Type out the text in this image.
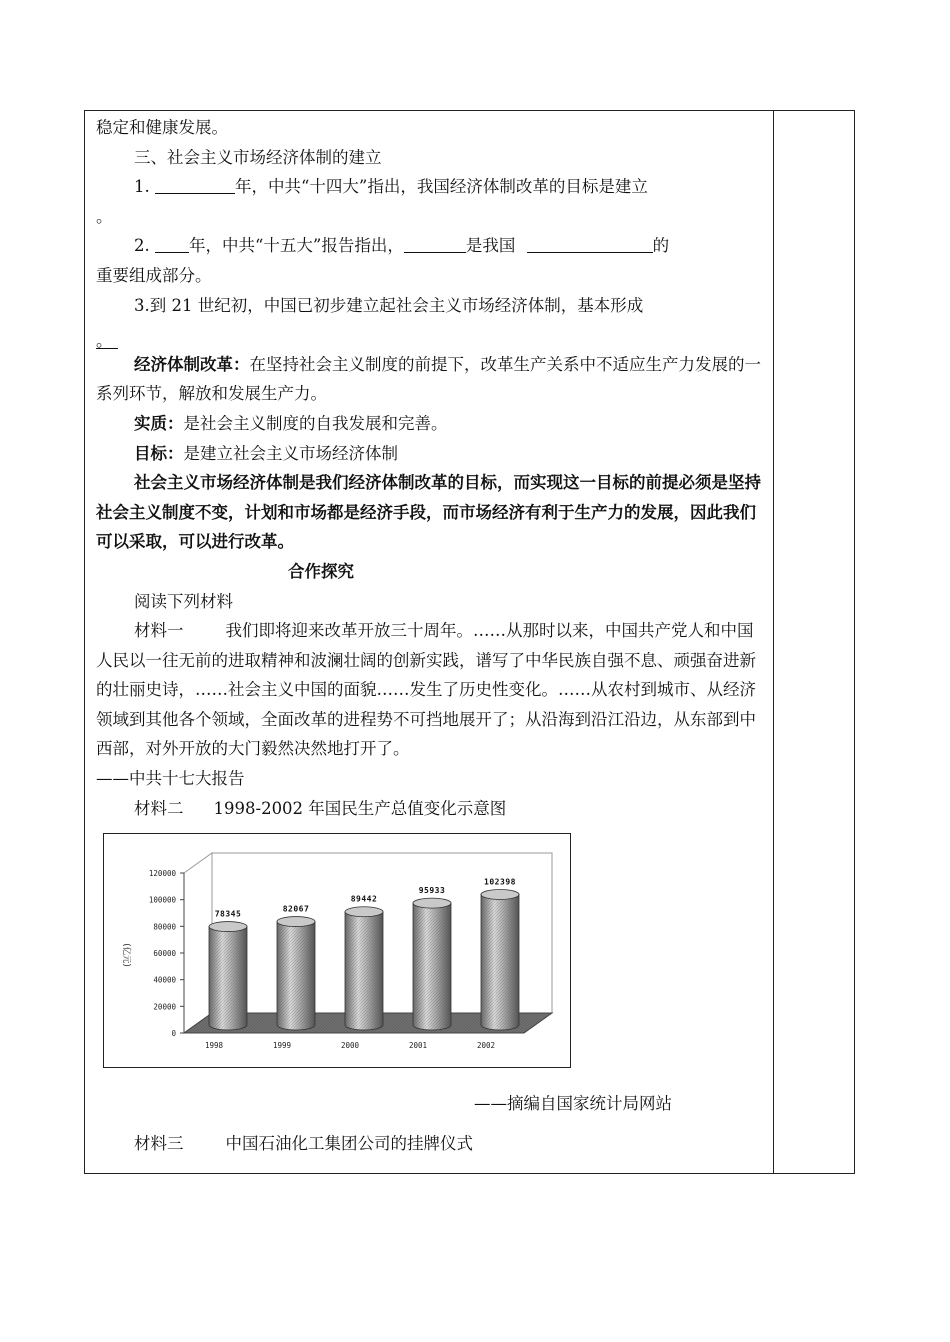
稳定和健康发展。

三、社会主义市场经济体制的建立

1.	年，中共“十四大”指出，我国经济体制改革的目标是建立

。

2. 年，中共“十五大”报告指出，	是我国	的

重要组成部分。

3.到 21 世纪初，中国已初步建立起社会主义市场经济体制，基本形成

。

经济体制改革：在坚持社会主义制度的前提下，改革生产关系中不适应生产力发展的一系列环节，解放和发展生产力。

实质：是社会主义制度的自我发展和完善。

目标：是建立社会主义市场经济体制

社会主义市场经济体制是我们经济体制改革的目标，而实现这一目标的前提必须是坚持社会主义制度不变，计划和市场都是经济手段，而市场经济有利于生产力的发展，因此我们可以采取，可以进行改革。

合作探究

阅读下列材料

材料一	我们即将迎来改革开放三十周年。……从那时以来，中国共产党人和中国人民以一往无前的进取精神和波澜壮阔的创新实践，谱写了中华民族自强不息、顽强奋进新的壮丽史诗，……社会主义中国的面貌……发生了历史性变化。……从农村到城市、从经济领域到其他各个领域，全面改革的进程势不可挡地展开了；从沿海到沿江沿边，从东部到中西部，对外开放的大门毅然决然地打开了。

——中共十七大报告

材料二 1998-2002 年国民生产总值变化示意图

0
20000
40000
60000
80000
100000
120000
(亿元)
78345
1998
82067
1999
89442
2000
95933
2001
102398
2002
——摘编自国家统计局网站
材料三	中国石油化工集团公司的挂牌仪式
